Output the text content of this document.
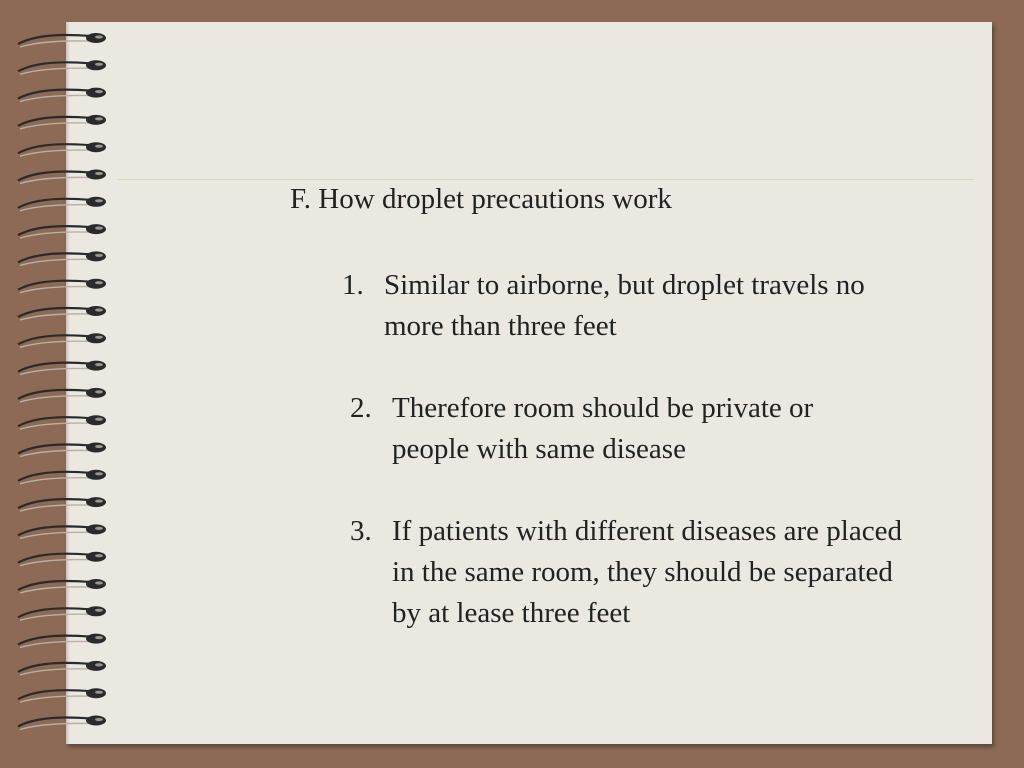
F. How droplet precautions work
1. Similar to airborne, but droplet travels no
more than three feet
2. Therefore room should be private or
people with same disease
3. If patients with different diseases are placed
in the same room, they should be separated
by at lease three feet
